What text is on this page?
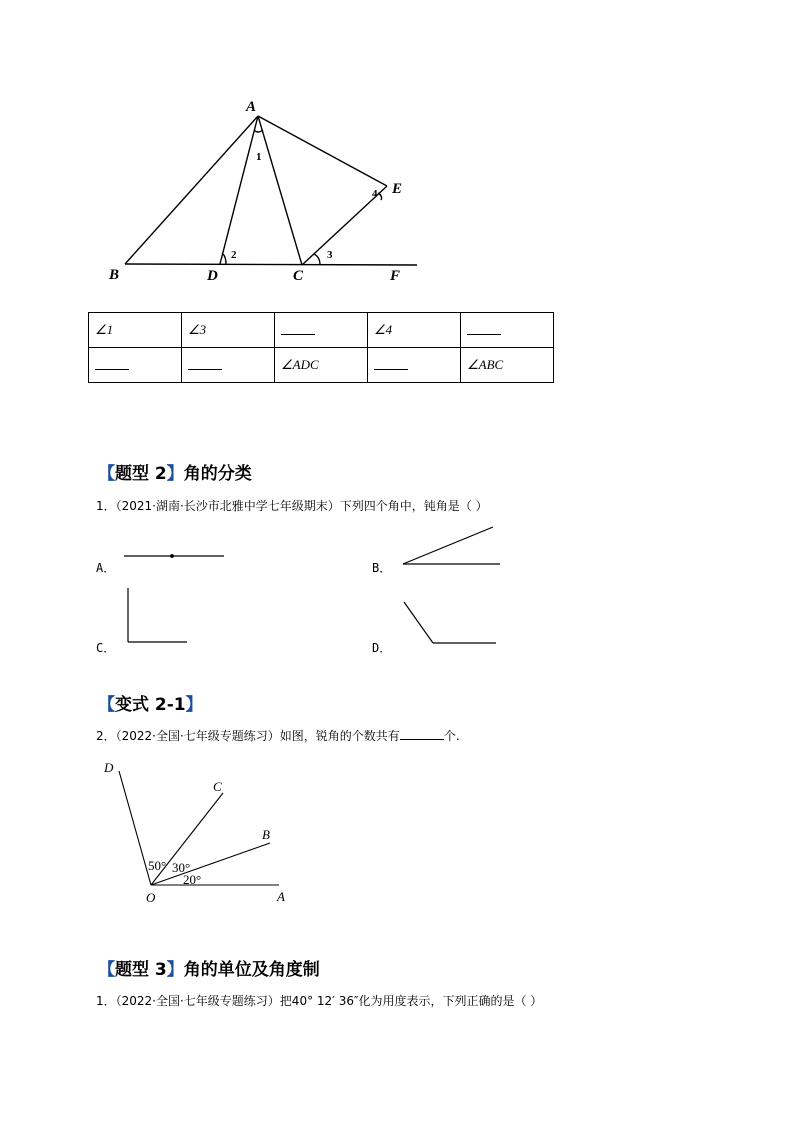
A
B	D	C
E
F
1
2	3
4
∠1	∠3		∠4	
		∠ADC		∠ABC
【题型 2】角的分类
1．（2021·湖南·长沙市北雅中学七年级期末）下列四个角中，钝角是（ ）
A．	B．
C．	D．
【变式 2-1】
2．（2022·全国·七年级专题练习）如图，锐角的个数共有	个.
D
C
B
O	A
50° 30°
20°
【题型 3】角的单位及角度制
1．（2022·全国·七年级专题练习）把40° 12′ 36″化为用度表示，下列正确的是（ ）
